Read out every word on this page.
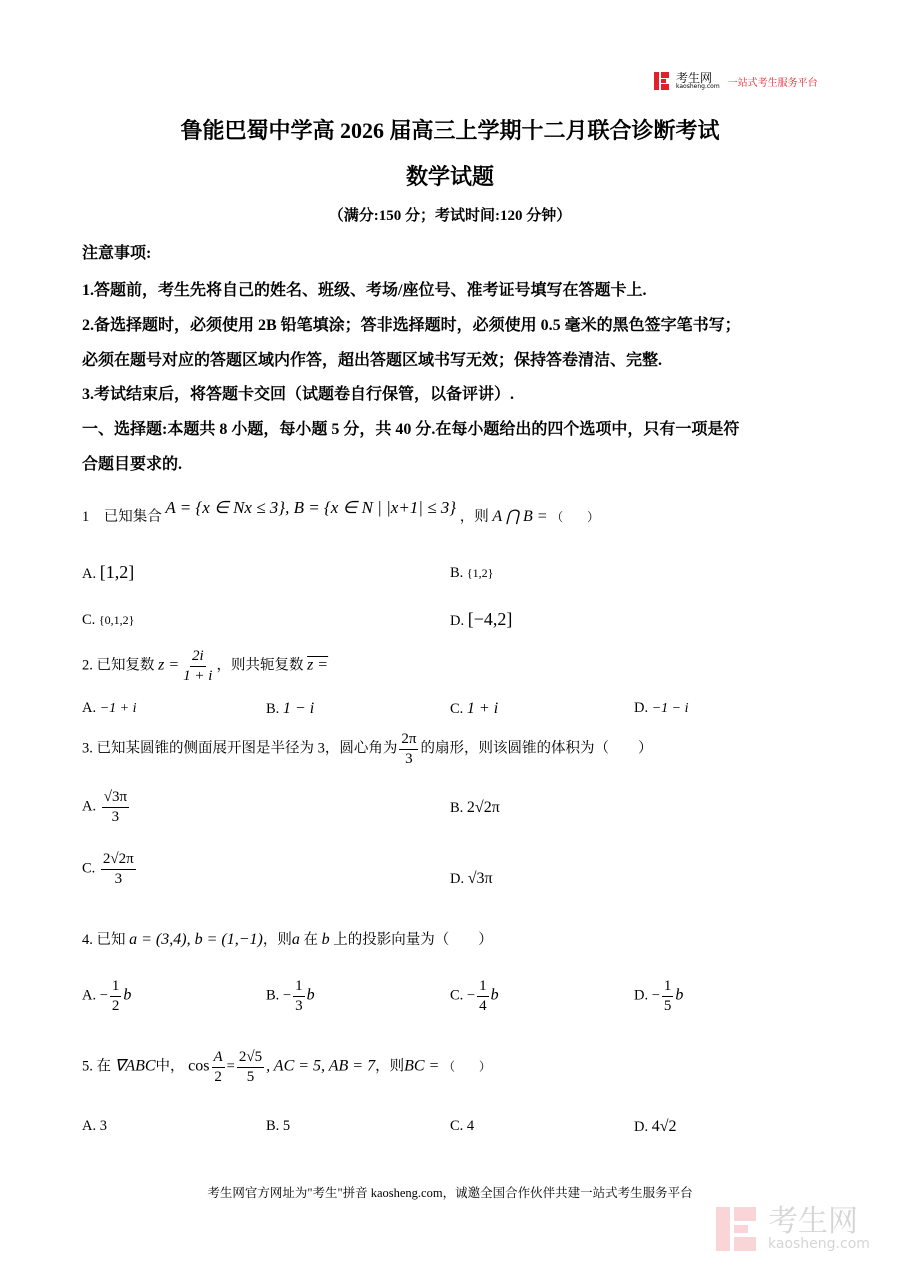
考生网
kaosheng.com 一站式考生服务平台
鲁能巴蜀中学高 2026 届高三上学期十二月联合诊断考试
数学试题
（满分:150 分；考试时间:120 分钟）
注意事项:
1.答题前，考生先将自己的姓名、班级、考场/座位号、准考证号填写在答题卡上.
2.备选择题时，必须使用 2B 铅笔填涂；答非选择题时，必须使用 0.5 毫米的黑色签字笔书写；
必须在题号对应的答题区域内作答，超出答题区域书写无效；保持答卷清洁、完整.
3.考试结束后，将答题卡交回（试题卷自行保管，以备评讲）.
一、选择题:本题共 8 小题，每小题 5 分，共 40 分.在每小题给出的四个选项中，只有一项是符
合题目要求的.
1　已知集合 A = {x ∈ Nx ≤ 3}, B = {x ∈ N | |x+1| ≤ 3} ，则 A ⋂ B = （　　）
A. [1,2]	B. {1,2}
C. {0,1,2}	D. [−4,2]
2. 已知复数 $z = \frac{2i}{1 + i}$ ，则共轭复数 z =
A. −1 + i	B. 1 − i	C. 1 + i	D. −1 − i
3. 已知某圆锥的侧面展开图是半径为 3，圆心角为 $\frac{2\pi}{3}$ 的扇形，则该圆锥的体积为（　　）
A. $\frac{√3\pi}{3}$	B. 2√2π
C. $\frac{2√2\pi}{3}$	D. √3π
4. 已知 a = (3,4), b = (1,−1)，则a 在 b 上的投影向量为（　　）
A. − $\frac{1}{2}$ b	B. − $\frac{1}{3}$ b	C. − $\frac{1}{4}$ b	D. − $\frac{1}{5}$ b
5. 在 ∇ABC中， $\cos \frac{A}{2} = \frac{2√5}{5}$ , AC = 5, AB = 7，则BC = （　　）
A. 3	B. 5	C. 4	D. 4√2
考生网官方网址为"考生"拼音 kaosheng.com，诚邀全国合作伙伴共建一站式考生服务平台
考生网
kaosheng.com
